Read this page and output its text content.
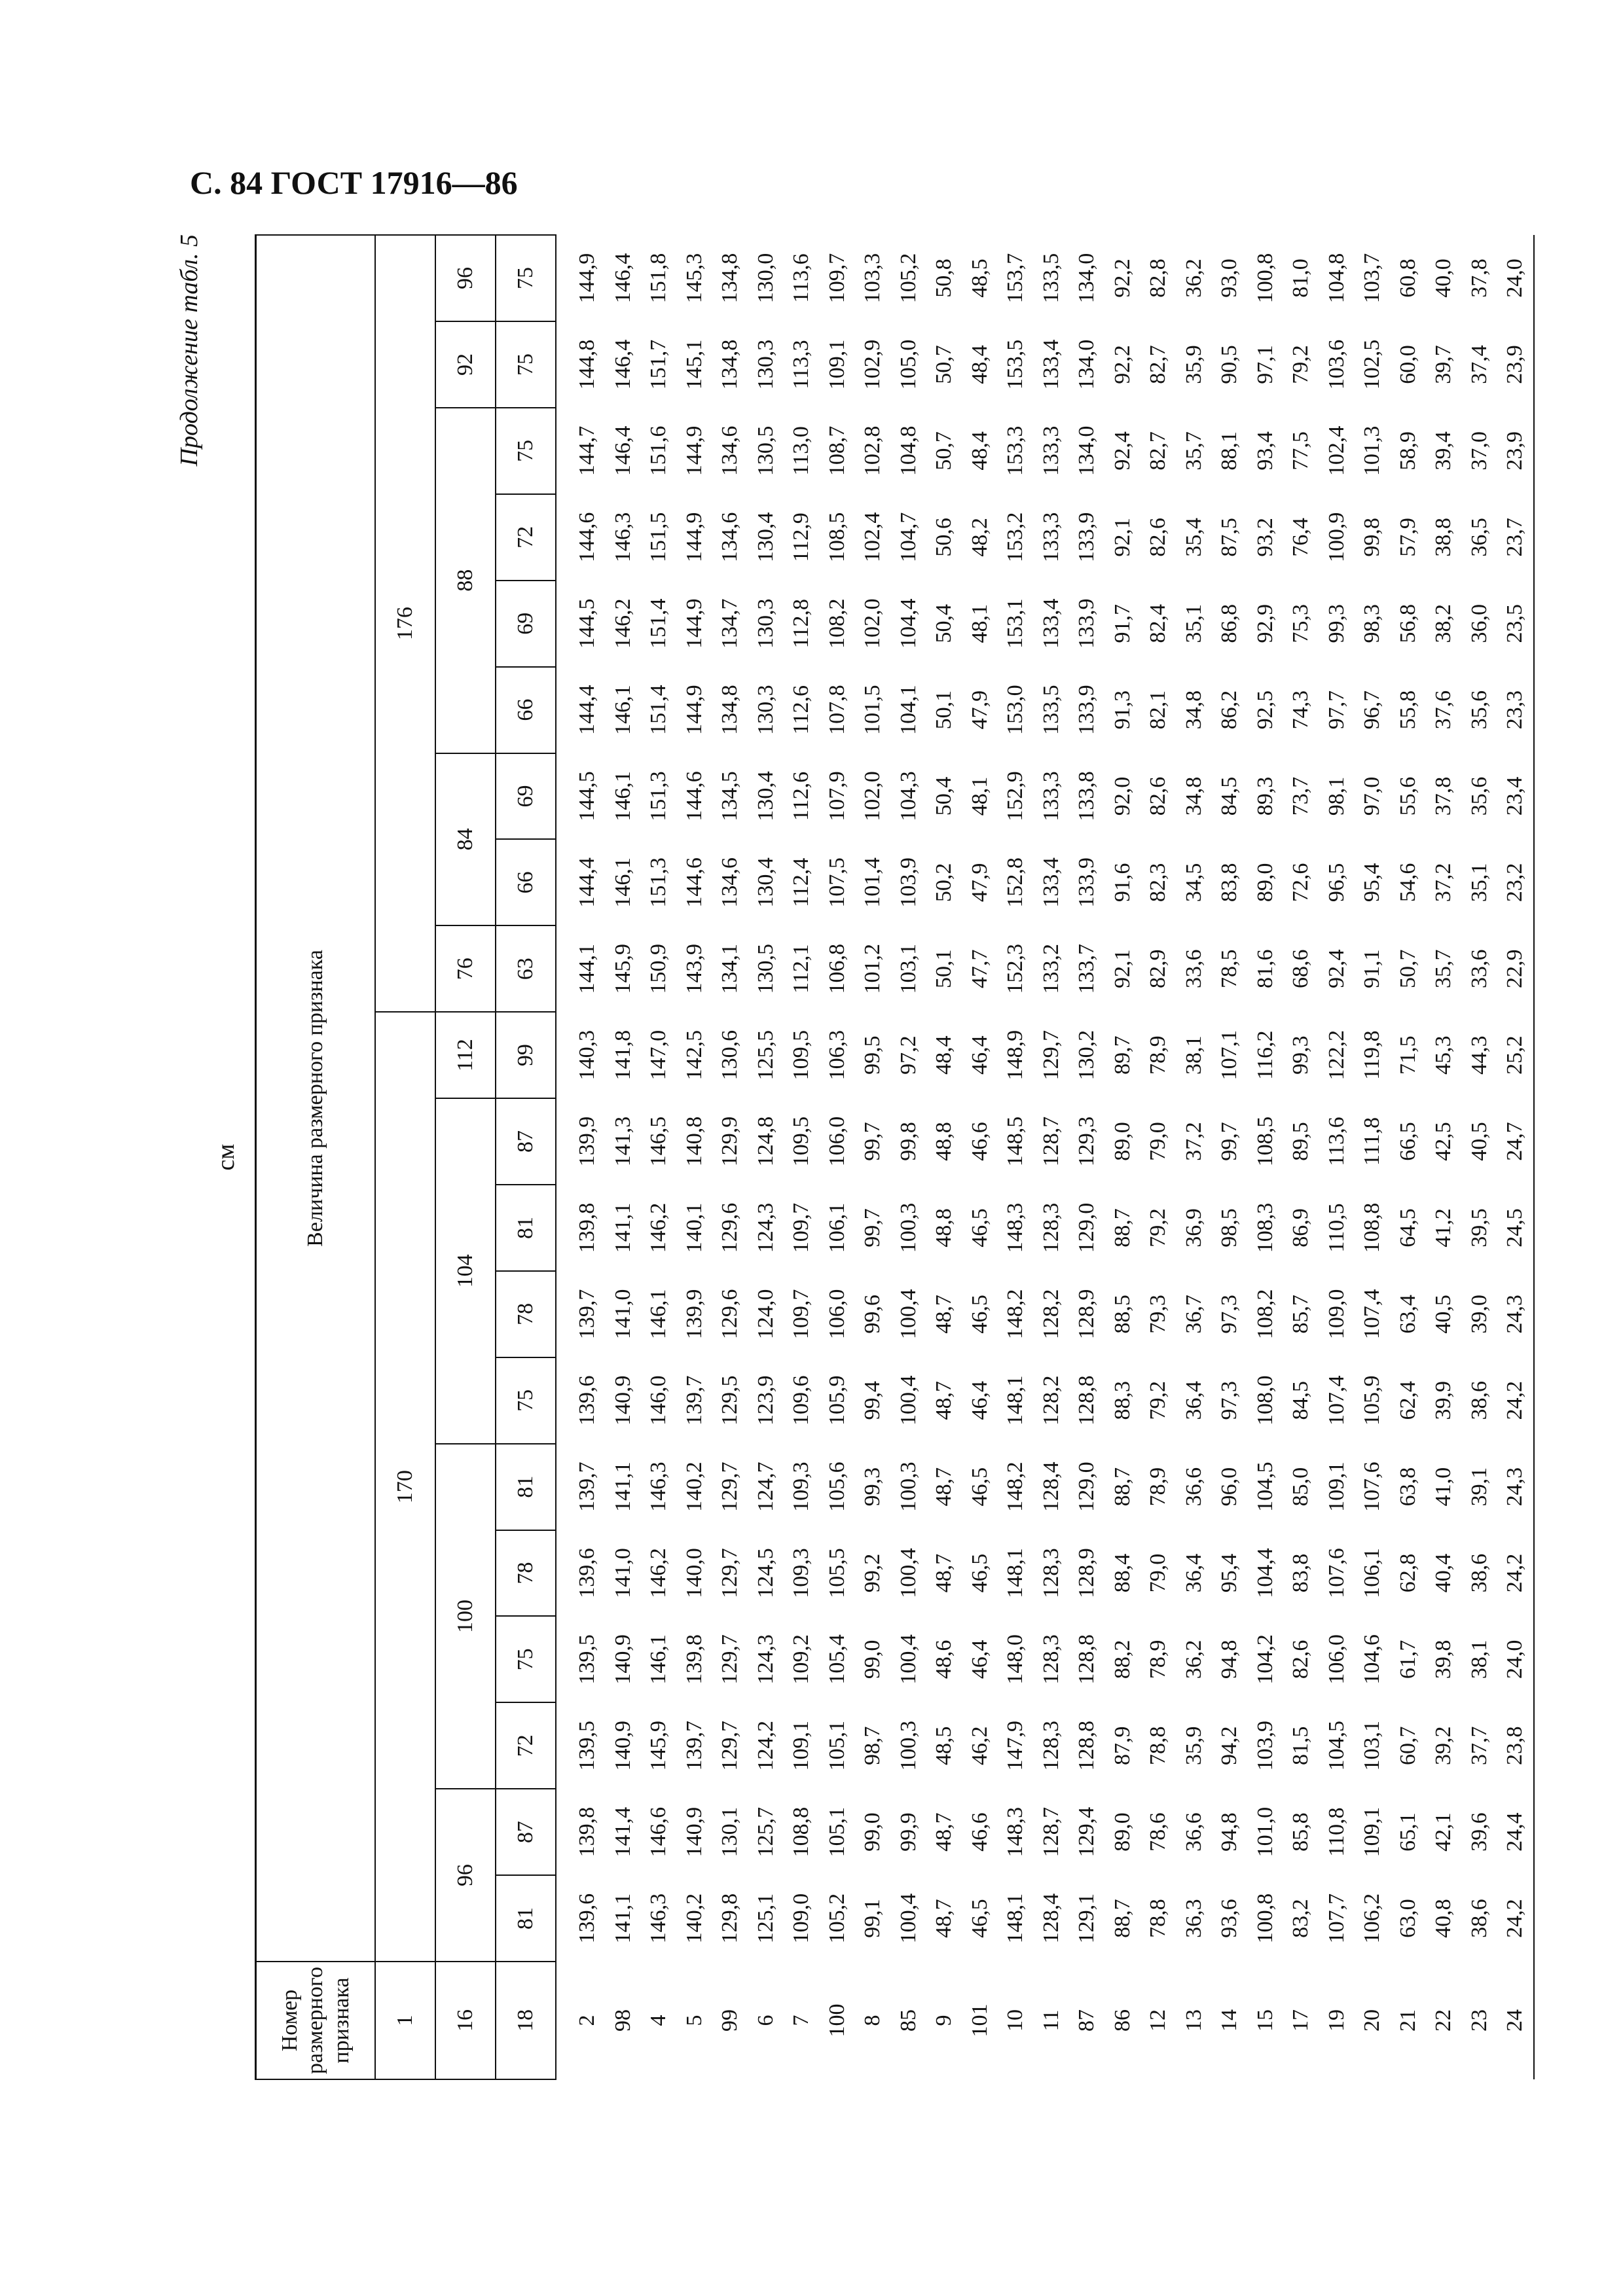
С. 84 ГОСТ 17916—86
Продолжение табл. 5
см
Номер размерного признака	Величина размерного признака																			
1	170											176								
16	96		100				104				112	76	84		88				92	96
18	81	87	72	75	78	81	75	78	81	87	99	63	66	69	66	69	72	75	75	75
2	139,6	139,8	139,5	139,5	139,6	139,7	139,6	139,7	139,8	139,9	140,3	144,1	144,4	144,5	144,4	144,5	144,6	144,7	144,8	144,9
98	141,1	141,4	140,9	140,9	141,0	141,1	140,9	141,0	141,1	141,3	141,8	145,9	146,1	146,1	146,1	146,2	146,3	146,4	146,4	146,4
4	146,3	146,6	145,9	146,1	146,2	146,3	146,0	146,1	146,2	146,5	147,0	150,9	151,3	151,3	151,4	151,4	151,5	151,6	151,7	151,8
5	140,2	140,9	139,7	139,8	140,0	140,2	139,7	139,9	140,1	140,8	142,5	143,9	144,6	144,6	144,9	144,9	144,9	144,9	145,1	145,3
99	129,8	130,1	129,7	129,7	129,7	129,7	129,5	129,6	129,6	129,9	130,6	134,1	134,6	134,5	134,8	134,7	134,6	134,6	134,8	134,8
6	125,1	125,7	124,2	124,3	124,5	124,7	123,9	124,0	124,3	124,8	125,5	130,5	130,4	130,4	130,3	130,3	130,4	130,5	130,3	130,0
7	109,0	108,8	109,1	109,2	109,3	109,3	109,6	109,7	109,7	109,5	109,5	112,1	112,4	112,6	112,6	112,8	112,9	113,0	113,3	113,6
100	105,2	105,1	105,1	105,4	105,5	105,6	105,9	106,0	106,1	106,0	106,3	106,8	107,5	107,9	107,8	108,2	108,5	108,7	109,1	109,7
8	99,1	99,0	98,7	99,0	99,2	99,3	99,4	99,6	99,7	99,7	99,5	101,2	101,4	102,0	101,5	102,0	102,4	102,8	102,9	103,3
85	100,4	99,9	100,3	100,4	100,4	100,3	100,4	100,4	100,3	99,8	97,2	103,1	103,9	104,3	104,1	104,4	104,7	104,8	105,0	105,2
9	48,7	48,7	48,5	48,6	48,7	48,7	48,7	48,7	48,8	48,8	48,4	50,1	50,2	50,4	50,1	50,4	50,6	50,7	50,7	50,8
101	46,5	46,6	46,2	46,4	46,5	46,5	46,4	46,5	46,5	46,6	46,4	47,7	47,9	48,1	47,9	48,1	48,2	48,4	48,4	48,5
10	148,1	148,3	147,9	148,0	148,1	148,2	148,1	148,2	148,3	148,5	148,9	152,3	152,8	152,9	153,0	153,1	153,2	153,3	153,5	153,7
11	128,4	128,7	128,3	128,3	128,3	128,4	128,2	128,2	128,3	128,7	129,7	133,2	133,4	133,3	133,5	133,4	133,3	133,3	133,4	133,5
87	129,1	129,4	128,8	128,8	128,9	129,0	128,8	128,9	129,0	129,3	130,2	133,7	133,9	133,8	133,9	133,9	133,9	134,0	134,0	134,0
86	88,7	89,0	87,9	88,2	88,4	88,7	88,3	88,5	88,7	89,0	89,7	92,1	91,6	92,0	91,3	91,7	92,1	92,4	92,2	92,2
12	78,8	78,6	78,8	78,9	79,0	78,9	79,2	79,3	79,2	79,0	78,9	82,9	82,3	82,6	82,1	82,4	82,6	82,7	82,7	82,8
13	36,3	36,6	35,9	36,2	36,4	36,6	36,4	36,7	36,9	37,2	38,1	33,6	34,5	34,8	34,8	35,1	35,4	35,7	35,9	36,2
14	93,6	94,8	94,2	94,8	95,4	96,0	97,3	97,3	98,5	99,7	107,1	78,5	83,8	84,5	86,2	86,8	87,5	88,1	90,5	93,0
15	100,8	101,0	103,9	104,2	104,4	104,5	108,0	108,2	108,3	108,5	116,2	81,6	89,0	89,3	92,5	92,9	93,2	93,4	97,1	100,8
17	83,2	85,8	81,5	82,6	83,8	85,0	84,5	85,7	86,9	89,5	99,3	68,6	72,6	73,7	74,3	75,3	76,4	77,5	79,2	81,0
19	107,7	110,8	104,5	106,0	107,6	109,1	107,4	109,0	110,5	113,6	122,2	92,4	96,5	98,1	97,7	99,3	100,9	102,4	103,6	104,8
20	106,2	109,1	103,1	104,6	106,1	107,6	105,9	107,4	108,8	111,8	119,8	91,1	95,4	97,0	96,7	98,3	99,8	101,3	102,5	103,7
21	63,0	65,1	60,7	61,7	62,8	63,8	62,4	63,4	64,5	66,5	71,5	50,7	54,6	55,6	55,8	56,8	57,9	58,9	60,0	60,8
22	40,8	42,1	39,2	39,8	40,4	41,0	39,9	40,5	41,2	42,5	45,3	35,7	37,2	37,8	37,6	38,2	38,8	39,4	39,7	40,0
23	38,6	39,6	37,7	38,1	38,6	39,1	38,6	39,0	39,5	40,5	44,3	33,6	35,1	35,6	35,6	36,0	36,5	37,0	37,4	37,8
24	24,2	24,4	23,8	24,0	24,2	24,3	24,2	24,3	24,5	24,7	25,2	22,9	23,2	23,4	23,3	23,5	23,7	23,9	23,9	24,0
